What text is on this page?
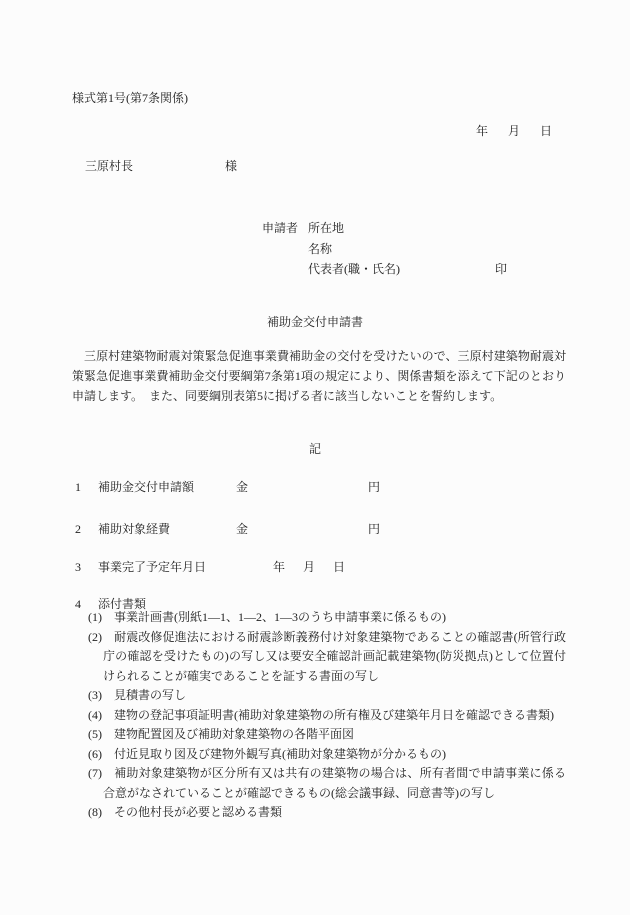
様式第1号(第7条関係)
年　月　日
三原村長	様
申請者 所在地
名称
代表者(職・氏名)	印
補助金交付申請書
　三原村建築物耐震対策緊急促進事業費補助金の交付を受けたいので、三原村建築物耐震対
策緊急促進事業費補助金交付要綱第7条第1項の規定により、関係書類を添えて下記のとおり
申請します。　また、同要綱別表第5に掲げる者に該当しないことを誓約します。
記
1 補助金交付申請額	金	円
2 補助対象経費	金	円
3 事業完了予定年月日	年　月　日
4 添付書類
(1) 事業計画書(別紙1―1、1―2、1―3のうち申請事業に係るもの)
(2) 耐震改修促進法における耐震診断義務付け対象建築物であることの確認書(所管行政庁の確認を受けたもの)の写し又は要安全確認計画記載建築物(防災拠点)として位置付けられることが確実であることを証する書面の写し
(3) 見積書の写し
(4) 建物の登記事項証明書(補助対象建築物の所有権及び建築年月日を確認できる書類)
(5) 建物配置図及び補助対象建築物の各階平面図
(6) 付近見取り図及び建物外観写真(補助対象建築物が分かるもの)
(7) 補助対象建築物が区分所有又は共有の建築物の場合は、所有者間で申請事業に係る合意がなされていることが確認できるもの(総会議事録、同意書等)の写し
(8) その他村長が必要と認める書類
